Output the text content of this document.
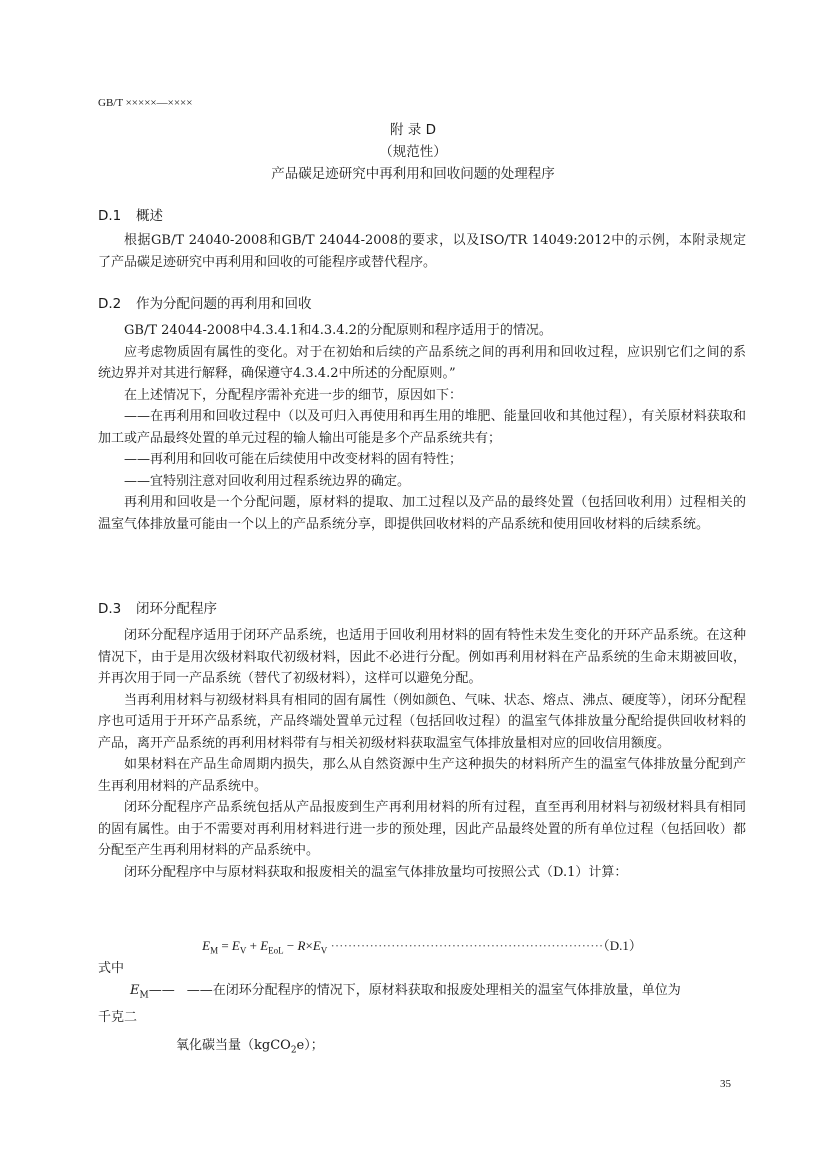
GB/T ×××××—××××
附 录 D
（规范性）
产品碳足迹研究中再利用和回收问题的处理程序
D.1 概述

根据GB/T 24040-2008和GB/T 24044-2008的要求，以及ISO/TR 14049:2012中的示例，本附录规定了产品碳足迹研究中再利用和回收的可能程序或替代程序。

D.2 作为分配问题的再利用和回收

GB/T 24044-2008中4.3.4.1和4.3.4.2的分配原则和程序适用于的情况。

应考虑物质固有属性的变化。对于在初始和后续的产品系统之间的再利用和回收过程，应识别它们之间的系统边界并对其进行解释，确保遵守4.3.4.2中所述的分配原则。”

在上述情况下，分配程序需补充进一步的细节，原因如下：

——在再利用和回收过程中（以及可归入再使用和再生用的堆肥、能量回收和其他过程），有关原材料获取和加工或产品最终处置的单元过程的输人输出可能是多个产品系统共有；

——再利用和回收可能在后续使用中改变材料的固有特性；

——宜特别注意对回收利用过程系统边界的确定。

再利用和回收是一个分配问题，原材料的提取、加工过程以及产品的最终处置（包括回收利用）过程相关的温室气体排放量可能由一个以上的产品系统分享，即提供回收材料的产品系统和使用回收材料的后续系统。

D.3 闭环分配程序

闭环分配程序适用于闭环产品系统，也适用于回收利用材料的固有特性未发生变化的开环产品系统。在这种情况下，由于是用次级材料取代初级材料，因此不必进行分配。例如再利用材料在产品系统的生命末期被回收，并再次用于同一产品系统（替代了初级材料），这样可以避免分配。

当再利用材料与初级材料具有相同的固有属性（例如颜色、气味、状态、熔点、沸点、硬度等），闭环分配程序也可适用于开环产品系统，产品终端处置单元过程（包括回收过程）的温室气体排放量分配给提供回收材料的产品，离开产品系统的再利用材料带有与相关初级材料获取温室气体排放量相对应的回收信用额度。

如果材料在产品生命周期内损失，那么从自然资源中生产这种损失的材料所产生的温室气体排放量分配到产生再利用材料的产品系统中。

闭环分配程序产品系统包括从产品报废到生产再利用材料的所有过程，直至再利用材料与初级材料具有相同的固有属性。由于不需要对再利用材料进行进一步的预处理，因此产品最终处置的所有单位过程（包括回收）都分配至产生再利用材料的产品系统中。

闭环分配程序中与原材料获取和报废相关的温室气体排放量均可按照公式（D.1）计算：

$E_M = E_V + E_{EoL} - R\times E_V \cdot\cdot\cdot\cdot\cdot\cdot\cdot\cdot\cdot\cdot\cdot\cdot\cdot\cdot\cdot\cdot\cdot\cdot\cdot\cdot\cdot\cdot\cdot\cdot\cdot\cdot\cdot\cdot\cdot\cdot\cdot\cdot\cdot\cdot\cdot\cdot\cdot\cdot\cdot\cdot\cdot\cdot\cdot\cdot\cdot\cdot\cdot\cdot\cdot\cdot\cdot\cdot\cdot\cdot\cdot\cdot\cdot\cdot\cdot\cdot\cdot\cdot\cdot(D.1)$
式中
$E_M——$ ——在闭环分配程序的情况下，原材料获取和报废处理相关的温室气体排放量，单位为
千克二
氧化碳当量（kgCO$_2$e）；
35
